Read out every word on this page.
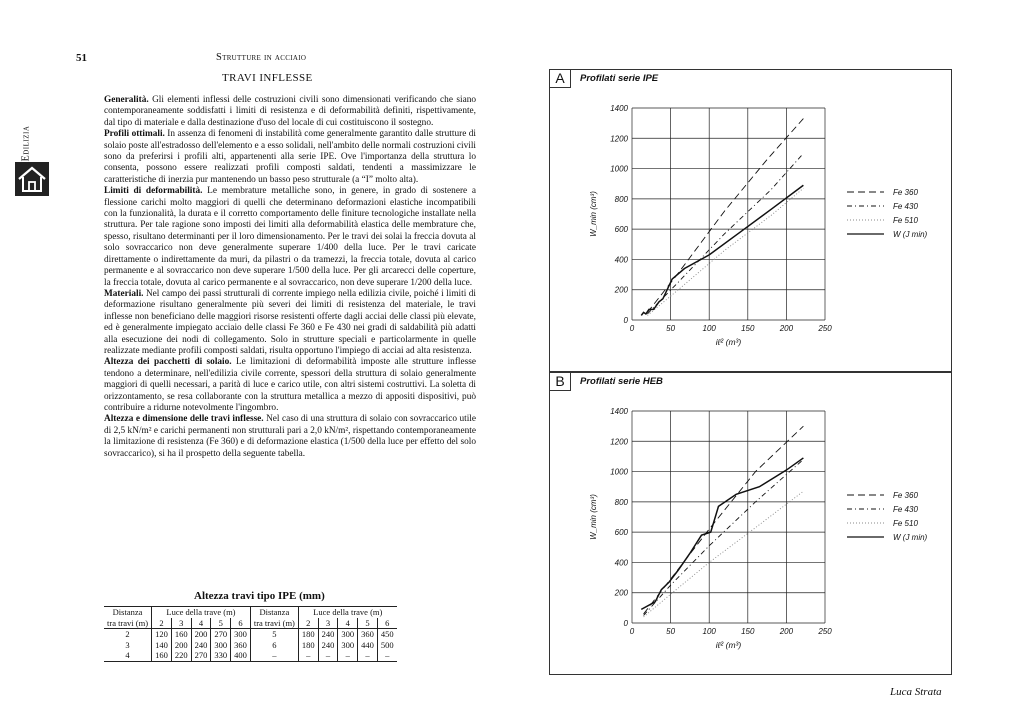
51	Strutture in acciaio
Edilizia
TRAVI INFLESSE

Generalità. Gli elementi inflessi delle costruzioni civili sono dimensionati verificando che siano contemporaneamente soddisfatti i limiti di resistenza e di deformabilità definiti, rispettivamente, dal tipo di materiale e dalla destinazione d'uso del locale di cui costituiscono il sostegno.

Profili ottimali. In assenza di fenomeni di instabilità come generalmente garantito dalle strutture di solaio poste all'estradosso dell'elemento e a esso solidali, nell'ambito delle normali costruzioni civili sono da preferirsi i profili alti, appartenenti alla serie IPE. Ove l'importanza della struttura lo consenta, possono essere realizzati profili composti saldati, tendenti a massimizzare le caratteristiche di inerzia pur mantenendo un basso peso strutturale (a “I” molto alta).

Limiti di deformabilità. Le membrature metalliche sono, in genere, in grado di sostenere a flessione carichi molto maggiori di quelli che determinano deformazioni elastiche incompatibili con la funzionalità, la durata e il corretto comportamento delle finiture tecnologiche installate nella struttura. Per tale ragione sono imposti dei limiti alla deformabilità elastica delle membrature che, spesso, risultano determinanti per il loro dimensionamento. Per le travi dei solai la freccia dovuta al solo sovraccarico non deve generalmente superare 1/400 della luce. Per le travi caricate direttamente o indirettamente da muri, da pilastri o da tramezzi, la freccia totale, dovuta al carico permanente e al sovraccarico non deve superare 1/500 della luce. Per gli arcarecci delle coperture, la freccia totale, dovuta al carico permanente e al sovraccarico, non deve superare 1/200 della luce.

Materiali. Nel campo dei passi strutturali di corrente impiego nella edilizia civile, poiché i limiti di deformazione risultano generalmente più severi dei limiti di resistenza del materiale, le travi inflesse non beneficiano delle maggiori risorse resistenti offerte dagli acciai delle classi più elevate, ed è generalmente impiegato acciaio delle classi Fe 360 e Fe 430 nei gradi di saldabilità più adatti alla esecuzione dei nodi di collegamento. Solo in strutture speciali e particolarmente in quelle realizzate mediante profili composti saldati, risulta opportuno l'impiego di acciai ad alta resistenza.

Altezza dei pacchetti di solaio. Le limitazioni di deformabilità imposte alle strutture inflesse tendono a determinare, nell'edilizia civile corrente, spessori della struttura di solaio generalmente maggiori di quelli necessari, a parità di luce e carico utile, con altri sistemi costruttivi. La soletta di orizzontamento, se resa collaborante con la struttura metallica a mezzo di appositi dispositivi, può contribuire a ridurne notevolmente l'ingombro.

Altezza e dimensione delle travi inflesse. Nel caso di una struttura di solaio con sovraccarico utile di 2,5 kN/m² e carichi permanenti non strutturali pari a 2,0 kN/m², rispettando contemporaneamente la limitazione di resistenza (Fe 360) e di deformazione elastica (1/500 della luce per effetto del solo sovraccarico), si ha il prospetto della seguente tabella.

Altezza travi tipo IPE (mm)
Distanza	Luce della trave (m)					Distanza	Luce della trave (m)				
tra travi (m)	2	3	4	5	6	tra travi (m)	2	3	4	5	6
2	120	160	200	270	300	5	180	240	300	360	450
3	140	200	240	300	360	6	180	240	300	440	500
4	160	220	270	330	400	–	–	–	–	–	–
A	Profilati serie IPE
0
200
400
600
800
1000
1200
1400
0	50	100	150	200	250
W_min (cm³)
iℓ² (m³)
Fe 360
Fe 430
Fe 510
W (J min)
B	Profilati serie HEB
0
200
400
600
800
1000
1200
1400
0	50	100	150	200	250
W_min (cm³)
iℓ² (m³)
Fe 360
Fe 430
Fe 510
W (J min)
Luca Strata
